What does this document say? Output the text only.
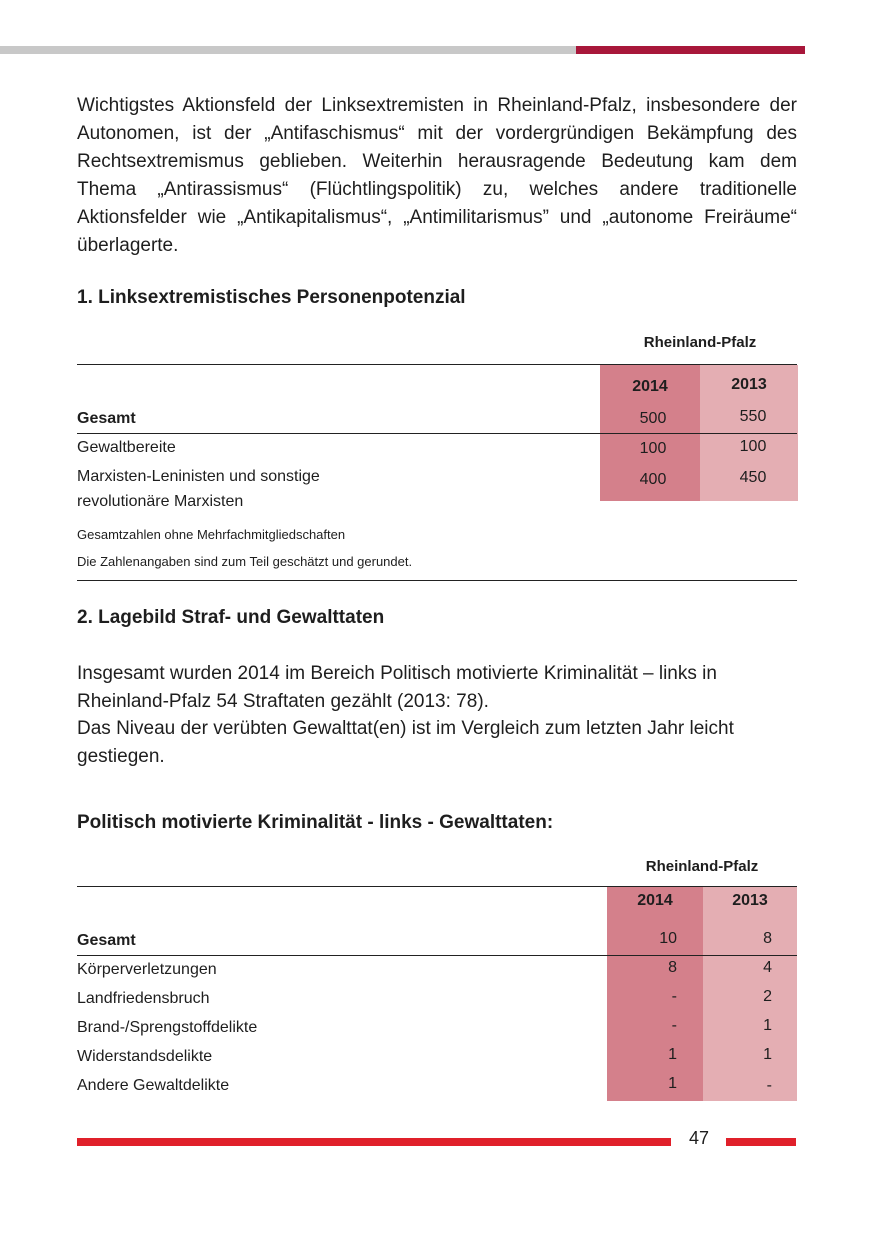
Wichtigstes Aktionsfeld der Linksextremisten in Rheinland-Pfalz, insbesondere der Autonomen, ist der „Antifaschismus“ mit der vordergründigen Bekämpfung des Rechtsextremismus geblieben. Weiterhin herausragende Bedeutung kam dem Thema „Antirassismus“ (Flüchtlingspolitik) zu, welches andere traditionelle Aktionsfelder wie „Antikapitalismus“, „Antimilitarismus” und „autonome Freiräume“ überlagerte.

1. Linksextremistisches Personenpotenzial
Rheinland-Pfalz
2014	2013
Gesamt	500	550
Gewaltbereite	100	100
Marxisten-Leninisten und sonstige
revolutionäre Marxisten
400	450
Gesamtzahlen ohne Mehrfachmitgliedschaften
Die Zahlenangaben sind zum Teil geschätzt und gerundet.
2. Lagebild Straf- und Gewalttaten

Insgesamt wurden 2014 im Bereich Politisch motivierte Kriminalität – links in Rheinland-Pfalz 54 Straftaten gezählt (2013: 78).

Das Niveau der verübten Gewalttat(en) ist im Vergleich zum letzten Jahr leicht gestiegen.

Politisch motivierte Kriminalität - links - Gewalttaten:
Rheinland-Pfalz
2014	2013
Gesamt	10	8
Körperverletzungen	8	4
Landfriedensbruch	-	2
Brand-/Sprengstoffdelikte	-	1
Widerstandsdelikte	1	1
Andere Gewaltdelikte	1	-
47
